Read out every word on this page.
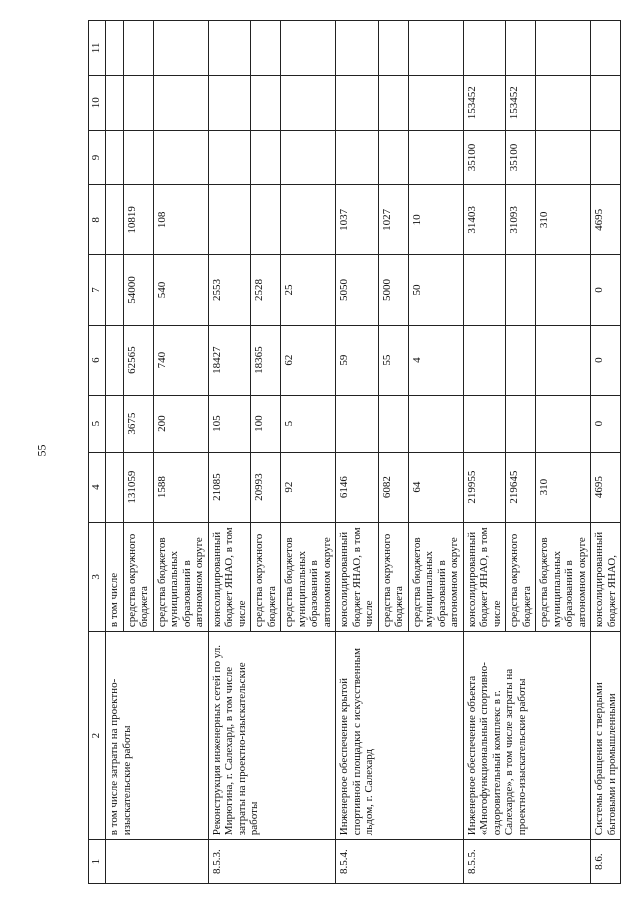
55
1	2	3	4	5	6	7	8	9	10	11
	в том числе затраты на проектно-изыскательские работы	в том числе								
		средства окружного бюджета	131059	3675	62565	54000	10819			
		средства бюджетов муниципальных образований в автономном округе	1588	200	740	540	108			
8.5.3.	Реконструкция инженерных сетей по ул. Мирюгина, г. Салехард, в том числе затраты на проектно-изыскательские работы	консолидированный бюджет ЯНАО, в том числе	21085	105	18427	2553				
		средства окружного бюджета	20993	100	18365	2528				
		средства бюджетов муниципальных образований в автономном округе	92	5	62	25				
8.5.4.	Инженерное обеспечение крытой спортивной площадки с искусственным льдом, г. Салехард	консолидированный бюджет ЯНАО, в том числе	6146		59	5050	1037			
		средства окружного бюджета	6082		55	5000	1027			
		средства бюджетов муниципальных образований в автономном округе	64		4	50	10			
8.5.5.	Инженерное обеспечение объекта «Многофункциональный спортивно-оздоровительный комплекс в г. Салехарде», в том числе затраты на проектно-изыскательские работы	консолидированный бюджет ЯНАО, в том числе	219955				31403	35100	153452	
		средства окружного бюджета	219645				31093	35100	153452	
		средства бюджетов муниципальных образований в автономном округе	310				310			
8.6.	Системы обращения с твердыми бытовыми и промышленными	консолидированный бюджет ЯНАО,	4695	0	0	0	4695			
